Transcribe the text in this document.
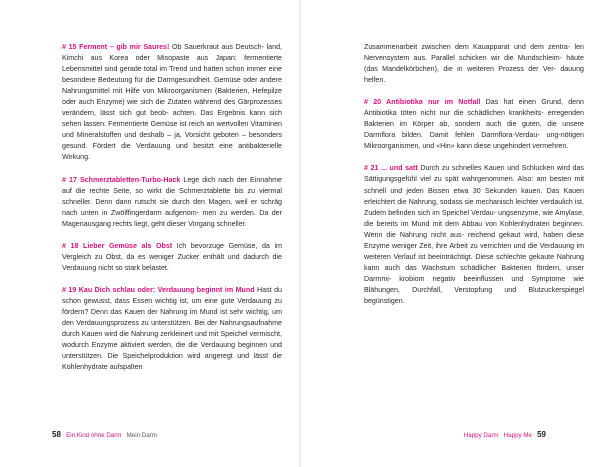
# 15 Ferment – gib mir Saures! Ob Sauerkraut aus Deutsch- land, Kimchi aus Korea oder Misopaste aus Japan: fermentierte Lebensmittel sind gerade total im Trend und hatten schon immer eine besondere Bedeutung für die Darmgesundheit. Gemüse oder andere Nahrungsmittel mit Hilfe von Mikroorganismen (Bakterien, Hefepilze oder auch Enzyme) wie sich die Zutaten während des Gärprozesses verändern, lässt sich gut beob- achten. Das Ergebnis kann sich sehen lassen: Fermentierte Gemüse ist reich an wertvollen Vitaminen und Mineralstoffen und deshalb – ja, Vorsicht geboten – besonders gesund. Fördert die Verdauung und besitzt eine antibakterielle Wirkung.

# 17 Schmerztabletten-Turbo-Hack Lege dich nach der Einnahme auf die rechte Seite, so wirkt die Schmerztablette bis zu viermal schneller. Denn dann rutscht sie durch den Magen, weil er schräg nach unten in Zwölffingerdarm aufgenom- men zu werden. Da der Magenausgang rechts liegt, geht dieser Vorgang schneller.

# 18 Lieber Gemüse als Obst Ich bevorzuge Gemüse, da im Vergleich zu Obst, da es weniger Zucker enthält und dadurch die Verdauung nicht so stark belastet.

# 19 Kau Dich schlau oder: Verdauung beginnt im Mund Hast du schon gewusst, dass Essen wichtig ist, um eine gute Verdauung zu fördern? Denn das Kauen der Nahrung im Mund ist sehr wichtig, um den Verdauungsprozess zu unterstützen. Bei der Nahrungsaufnahme durch Kauen wird die Nahrung zerkleinert und mit Speichel vermischt, wodurch Enzyme aktiviert werden, die die Verdauung beginnen und unterstützen. Die Speichelproduktion wird angeregt und lässt die Kohlenhydrate aufspalten

Zusammenarbeit zwischen dem Kauapparat und dem zentra- len Nervensystem aus. Parallel schicken wir die Mundschleim- häute (das Mandelkörbchen), die in weiteren Prozess der Ver- dauung helfen.

# 20 Antibiotika nur im Notfall Das hat einen Grund, denn Antibiotika töten nicht nur die schädlichen krankheits- erregenden Bakterien im Körper ab, sondern auch die guten, die unsere Darmflora bilden. Damit fehlen Darmflora-Verdau- ung-nötigen Mikroorganismen, und «Hin» kann diese ungehindert vermehren.

# 21 ... und satt Durch zu schnelles Kauen und Schlucken wird das Sättigungsgefühl viel zu spät wahrgenommen. Also: am besten mit schnell und jeden Bissen etwa 30 Sekunden kauen. Das Kauen erleichtert die Nahrung, sodass sie mechanisch leichter verdaulich ist. Zudem befinden sich im Speichel Verdau- ungsenzyme, wie Amylase, die bereits im Mund mit dem Abbau von Kohlenhydraten beginnen. Wenn die Nahrung nicht aus- reichend gekaut wird, haben diese Enzyme weniger Zeit, ihre Arbeit zu verrichten und die Verdauung im weiteren Verlauf ist beeinträchtigt. Diese schlechte gekaute Nahrung kann auch das Wachstum schädlicher Bakterien fördern, unser Darmmi- krobiom negativ beeinflussen und Symptome wie Blähungen, Durchfall, Verstopfung und Blutzuckerspiegel begünstigen.

58 Ein Kind ohne Darm Mein Darm	Happy Darm Happy Me 59
